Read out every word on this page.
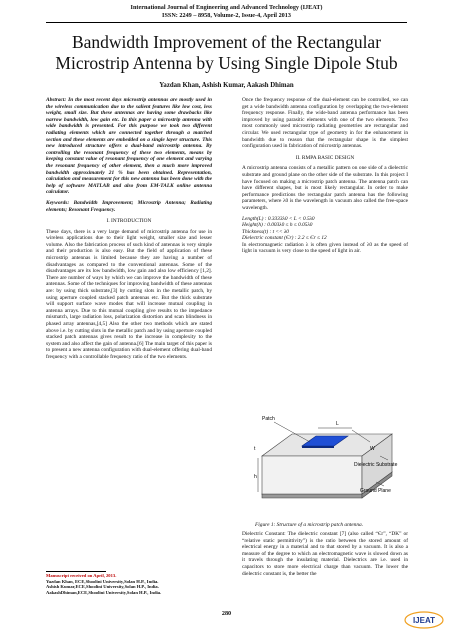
International Journal of Engineering and Advanced Technology (IJEAT)
ISSN: 2249 – 8958, Volume-2, Issue-4, April 2013
Bandwidth Improvement of the Rectangular
Microstrip Antenna by Using Single Dipole Stub
Yazdan Khan, Ashish Kumar, Aakash Dhiman

Abstract: In the most recent days microstrip antennas are mostly used in the wireless communication due to the salient features like low cost, less weight, small size. But these antennas are having some drawbacks like narrow bandwidth, low gain etc. In this paper a microstrip antenna with wide bandwidth is presented. For this purpose we took two different radiating elements which are connected together through a matched section and these elements are embedded on a single layer structure. This new introduced structure offers a dual-band microstrip antenna. By controlling the resonant frequency of these two elements, means by keeping constant value of resonant frequency of one element and varying the resonant frequency of other element, then a much more improved bandwidth approximately 21 % has been obtained. Representation, calculation and measurement for this new antenna has been done with the help of software MATLAB and also from EM-TALK online antenna calculator.

Keywords: Bandwidth Improvement; Microstrip Antenna; Radiating elements; Resonant Frequency.

I. INTRODUCTION

These days, there is a very large demand of microstrip antenna for use in wireless applications due to their light weight, smaller size and lesser volume. Also the fabrication process of such kind of antennas is very simple and their production is also easy. But the field of application of these microstrip antennas is limited because they are having a number of disadvantages as compared to the conventional antennas. Some of the disadvantages are its low bandwidth, low gain and also low efficiency [1,2]. There are number of ways by which we can improve the bandwidth of these antennas. Some of the techniques for improving bandwidth of these antennas are: by using thick substrate,[3] by cutting slots in the metallic patch, by using aperture coupled stacked patch antennas etc. But the thick substrate will support surface wave modes that will increase mutual coupling in antenna arrays. Due to this mutual coupling give results to the impedance mismatch, large radiation loss, polarization distortion and scan blindness in phased array antennas,[4,5] Also the other two methods which are stated above i.e. by cutting slots in the metallic patch and by using aperture coupled stacked patch antennas gives result to the increase in complexity to the system and also affect the gain of antenna.[6] The main target of this paper is to present a new antenna configuration with dual-element offering dual-band frequency with a controllable frequency ratio of the two elements.

Once the frequency response of the dual-element can be controlled, we can get a wide bandwidth antenna configuration by overlapping the two-element frequency response. Finally, the wide-band antenna performance has been improved by using parasitic elements with one of the two elements. Two most commonly used microstrip radiating geometries are rectangular and circular. We used rectangular type of geometry in for the enhancement in bandwidth due to reason that the rectangular shape is the simplest configuration used in fabrication of microstrip antennas.

II. RMPA BASIC DESIGN

A microstrip antenna consists of a metallic pattern on one side of a dielectric substrate and ground plane on the other side of the substrate. In this project I have focused on making a microstrip patch antenna. The antenna patch can have different shapes, but is most likely rectangular. In order to make performance predictions the rectangular patch antenna has the following parameters, where λ0 is the wavelength in vacuum also called the free-space wavelength.

Length(L) : 0.3333λ0 < L < 0.5λ0
Height(h) : 0.003λ0 ≤ h ≤ 0.05λ0
Thickness(t) : t << λ0
Dielectric constant (Єr) : 2.2 ≤ Єr ≤ 12

In electromagnetic radiation λ is often given instead of λ0 as the speed of light in vacuum is very close to the speed of light in air.

Patch
L
W
t
h
Dielectric Substrate
Ground Plane
Figure 1: Structure of a microstrip patch antenna.

Dielectric Constant: The dielectric constant [7] (also called “Єr”, “DK” or “relative static permittivity”) is the ratio between the stored amount of electrical energy in a material and to that stored by a vacuum. It is also a measure of the degree to which an electromagnetic wave is slowed down as it travels through the insulating material. Dielectrics are i.e. used in capacitors to store more electrical charge than vacuum. The lower the dielectric constant is, the better the

Manuscript received on April, 2013.
Yazdan Khan, ECE,Shoolini University,Solan H.P., India.
Ashish Kumar,ECE,Shoolini University,Solan H.P., India.
AakashDhiman,ECE,Shoolini University,Solan H.P., India.
280
IJEAT
